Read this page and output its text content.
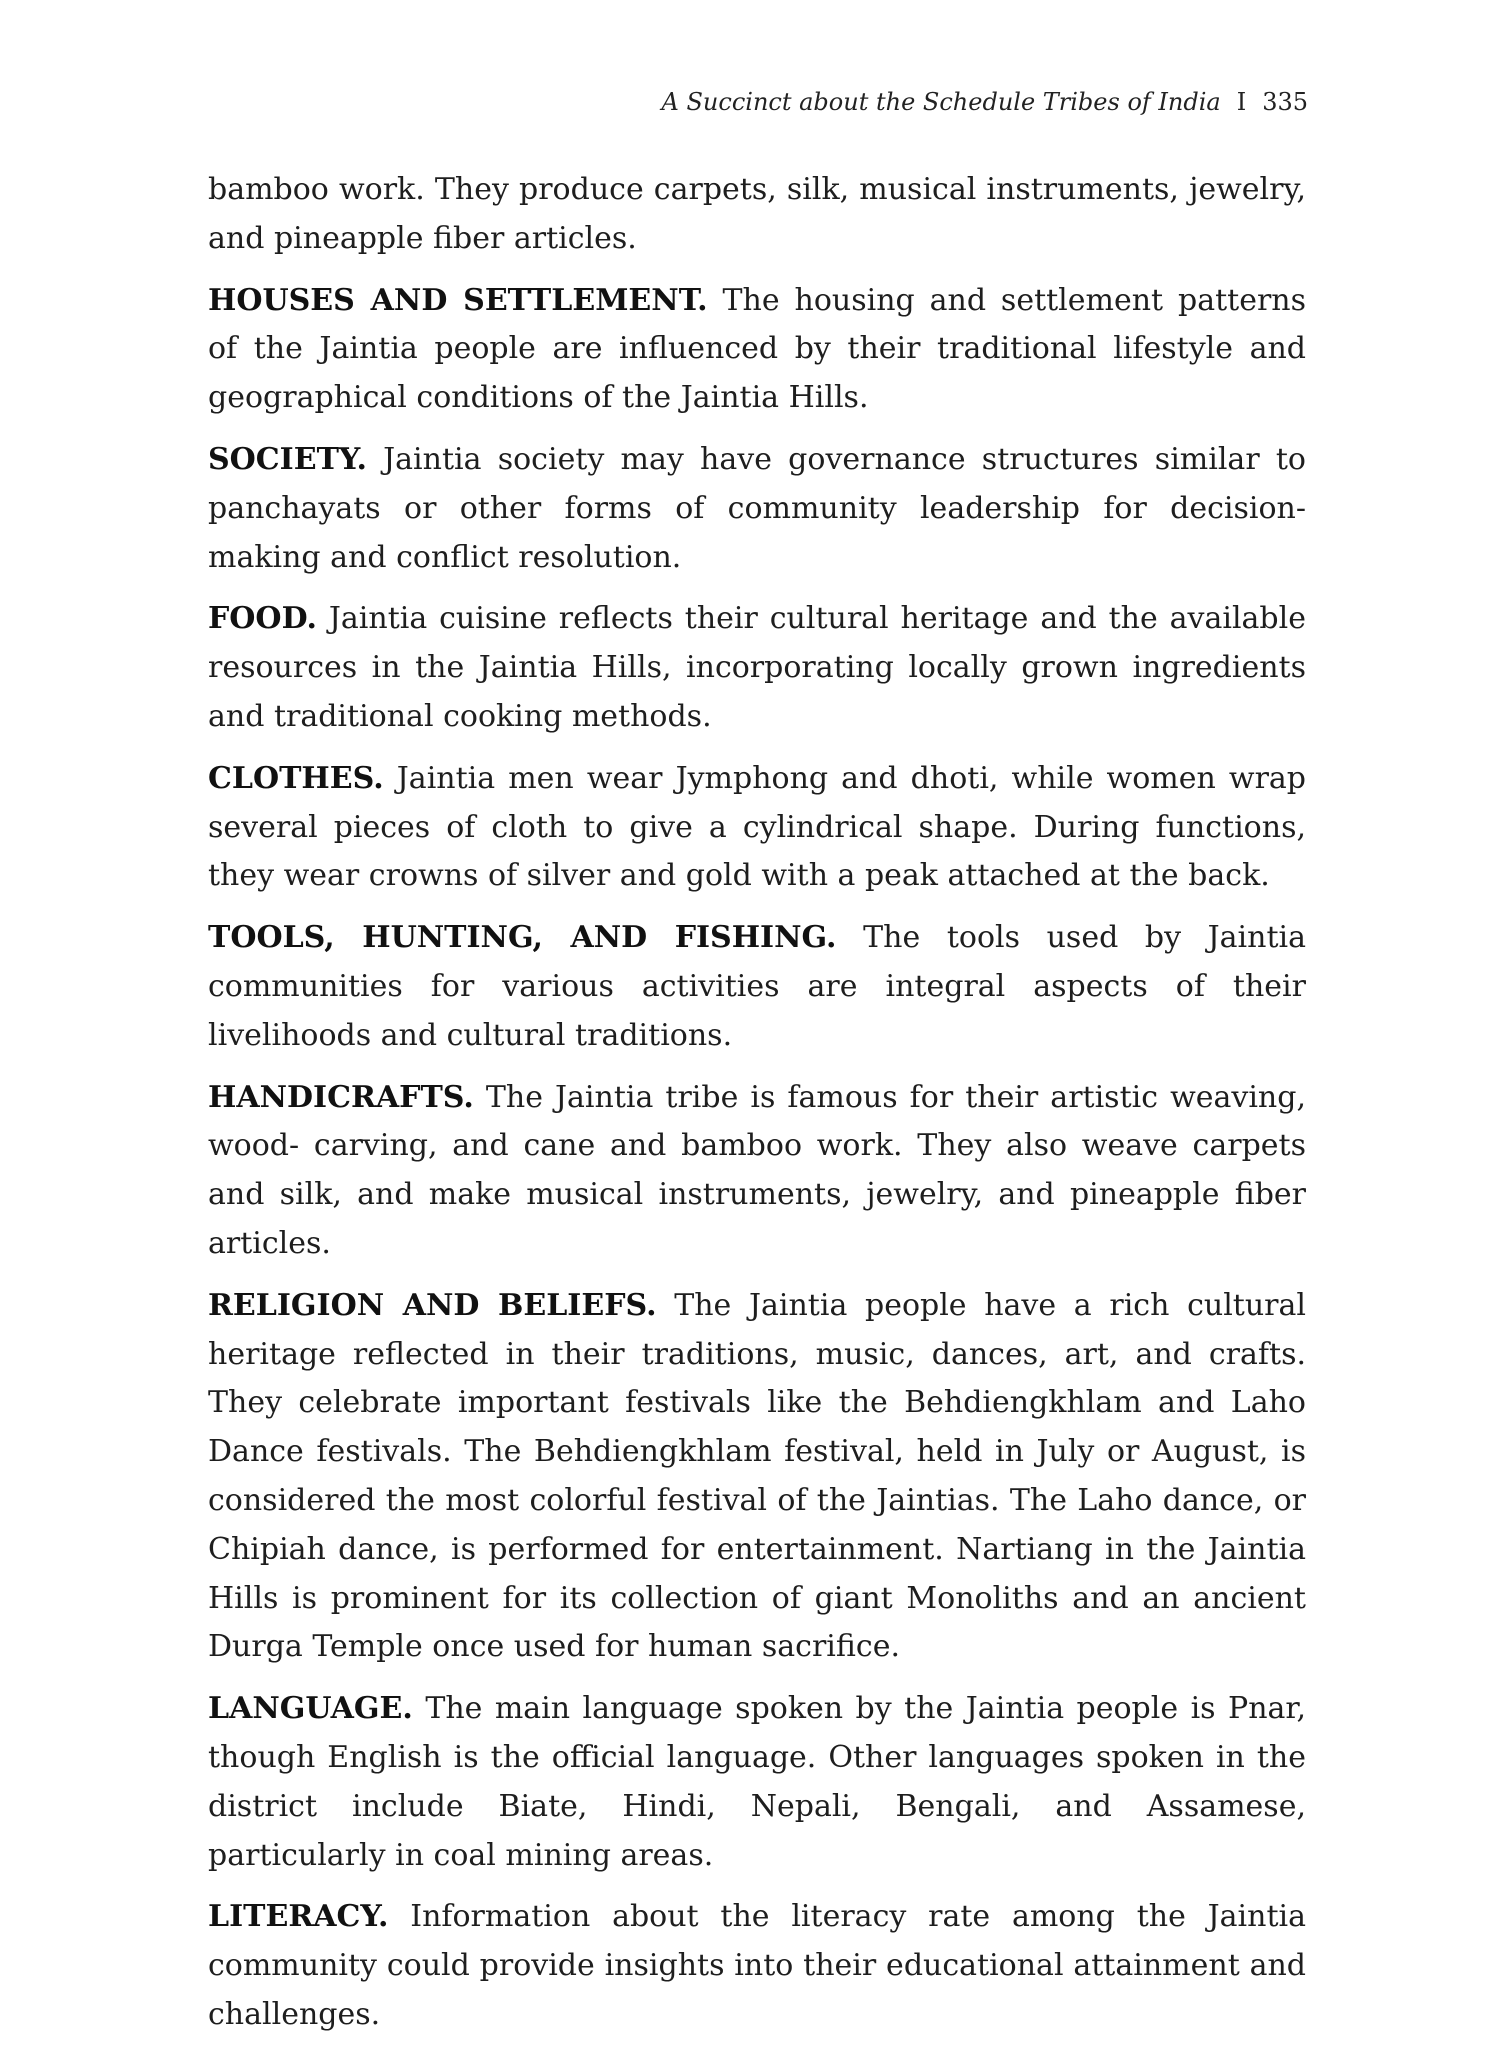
A Succinct about the Schedule Tribes of India I 335

bamboo work. They produce carpets, silk, musical instruments, jewelry, and pineapple fiber articles.

HOUSES AND SETTLEMENT. The housing and settlement patterns of the Jaintia people are influenced by their traditional lifestyle and geographical conditions of the Jaintia Hills.

SOCIETY. Jaintia society may have governance structures similar to panchayats or other forms of community leadership for decision-making and conflict resolution.

FOOD. Jaintia cuisine reflects their cultural heritage and the available resources in the Jaintia Hills, incorporating locally grown ingredients and traditional cooking methods.

CLOTHES. Jaintia men wear Jymphong and dhoti, while women wrap several pieces of cloth to give a cylindrical shape. During functions, they wear crowns of silver and gold with a peak attached at the back.

TOOLS, HUNTING, AND FISHING. The tools used by Jaintia communities for various activities are integral aspects of their livelihoods and cultural traditions.

HANDICRAFTS. The Jaintia tribe is famous for their artistic weaving, wood- carving, and cane and bamboo work. They also weave carpets and silk, and make musical instruments, jewelry, and pineapple fiber articles.

RELIGION AND BELIEFS. The Jaintia people have a rich cultural heritage reflected in their traditions, music, dances, art, and crafts. They celebrate important festivals like the Behdiengkhlam and Laho Dance festivals. The Behdiengkhlam festival, held in July or August, is considered the most colorful festival of the Jaintias. The Laho dance, or Chipiah dance, is performed for entertainment. Nartiang in the Jaintia Hills is prominent for its collection of giant Monoliths and an ancient Durga Temple once used for human sacrifice.

LANGUAGE. The main language spoken by the Jaintia people is Pnar, though English is the official language. Other languages spoken in the district include Biate, Hindi, Nepali, Bengali, and Assamese, particularly in coal mining areas.

LITERACY. Information about the literacy rate among the Jaintia community could provide insights into their educational attainment and challenges.
